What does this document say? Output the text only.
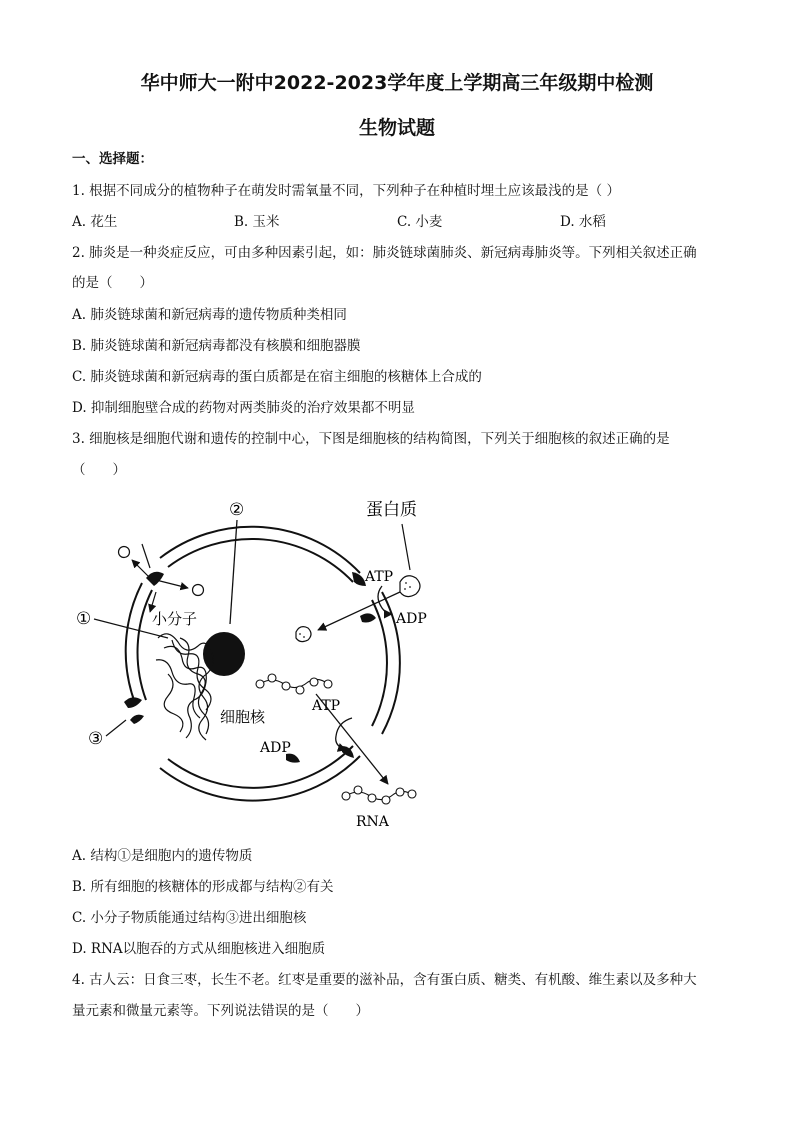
华中师大一附中2022-2023学年度上学期高三年级期中检测
生物试题
一、选择题：
1. 根据不同成分的植物种子在萌发时需氧量不同，下列种子在种植时埋土应该最浅的是（ ）
A. 花生	B. 玉米	C. 小麦	D. 水稻
2. 肺炎是一种炎症反应，可由多种因素引起，如：肺炎链球菌肺炎、新冠病毒肺炎等。下列相关叙述正确
的是（　　）
A. 肺炎链球菌和新冠病毒的遗传物质种类相同
B. 肺炎链球菌和新冠病毒都没有核膜和细胞器膜
C. 肺炎链球菌和新冠病毒的蛋白质都是在宿主细胞的核糖体上合成的
D. 抑制细胞壁合成的药物对两类肺炎的治疗效果都不明显
3. 细胞核是细胞代谢和遗传的控制中心，下图是细胞核的结构简图，下列关于细胞核的叙述正确的是
（　　）
②	蛋白质
ATP
ADP
小分子
①
③
细胞核
ATP
ADP
RNA
A. 结构①是细胞内的遗传物质
B. 所有细胞的核糖体的形成都与结构②有关
C. 小分子物质能通过结构③进出细胞核
D. RNA以胞吞的方式从细胞核进入细胞质
4. 古人云：日食三枣，长生不老。红枣是重要的滋补品，含有蛋白质、糖类、有机酸、维生素以及多种大
量元素和微量元素等。下列说法错误的是（　　）
